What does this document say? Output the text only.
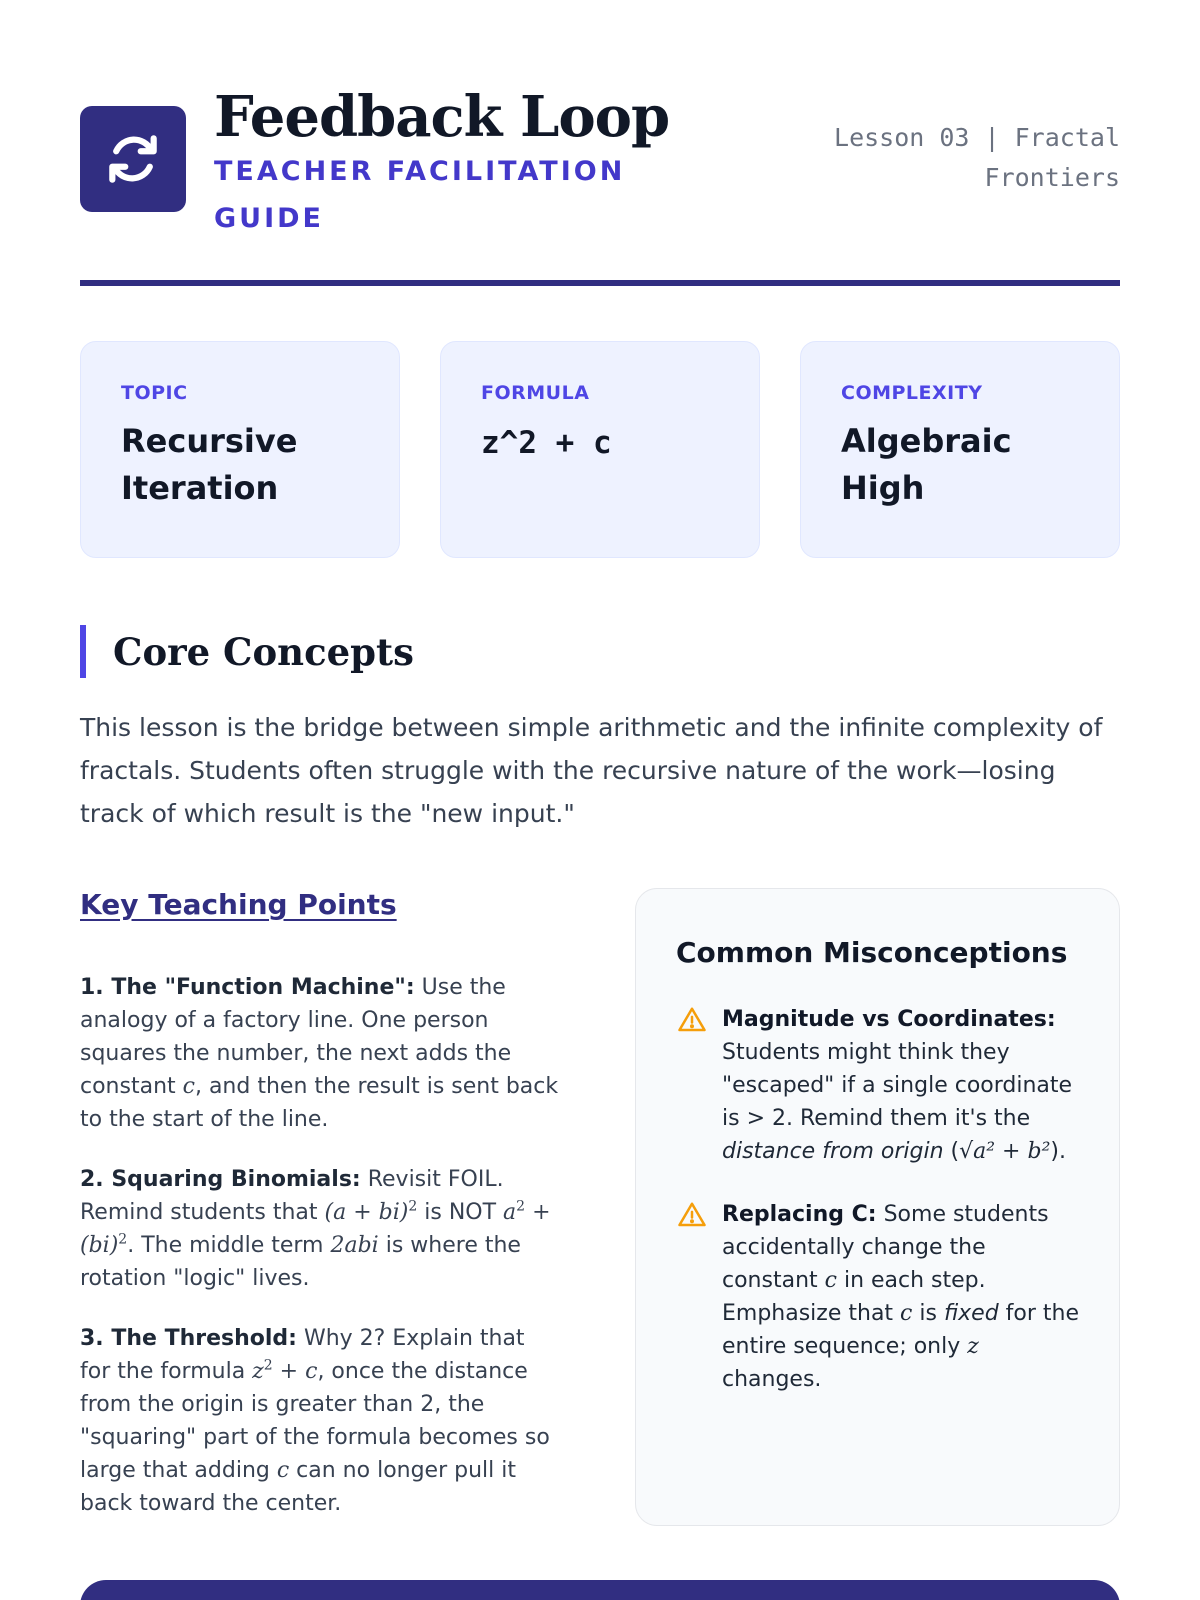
Feedback Loop
TEACHER FACILITATION GUIDE
Lesson 03 | Fractal
Frontiers
TOPIC
Recursive
Iteration
FORMULA
z^2 + c
COMPLEXITY
Algebraic
High
Core Concepts

This lesson is the bridge between simple arithmetic and the infinite complexity of fractals. Students often struggle with the recursive nature of the work—losing track of which result is the "new input."

Key Teaching Points

1. The "Function Machine": Use the analogy of a factory line. One person squares the number, the next adds the constant c, and then the result is sent back to the start of the line.

2. Squaring Binomials: Revisit FOIL. Remind students that (a + bi)$^2$ is NOT $a^2 + (bi)^2$. The middle term 2abi is where the rotation "logic" lives.

3. The Threshold: Why 2? Explain that for the formula $z^2 + c$, once the distance from the origin is greater than 2, the "squaring" part of the formula becomes so large that adding c can no longer pull it back toward the center.

Common Misconceptions
Magnitude vs Coordinates: Students might think they "escaped" if a single coordinate is > 2. Remind them it's the distance from origin (√a² + b²).
Replacing C: Some students accidentally change the constant c in each step. Emphasize that c is fixed for the entire sequence; only z changes.
